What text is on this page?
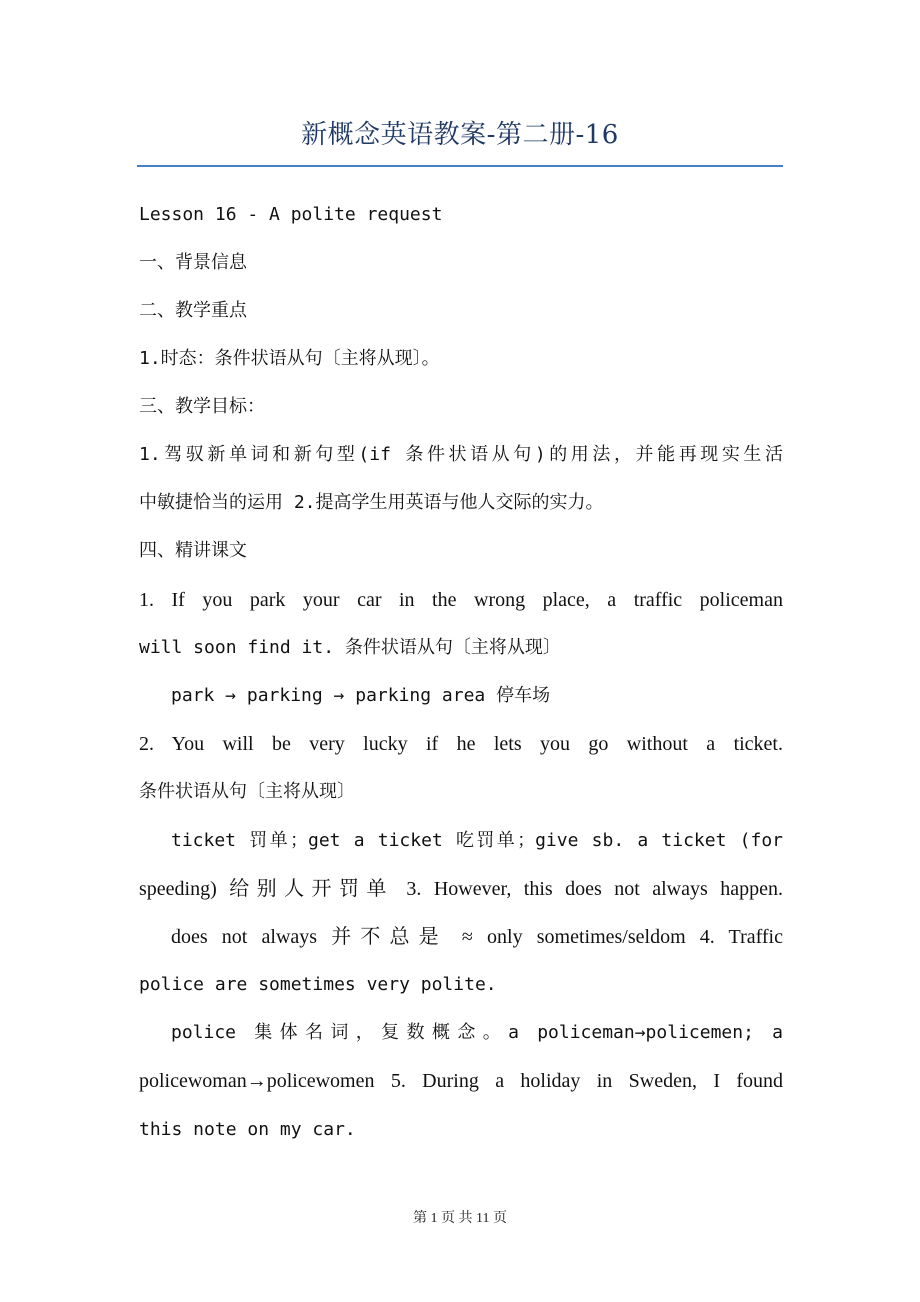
新概念英语教案-第二册-16
Lesson 16 - A polite request
一、背景信息
二、教学重点
1.时态：条件状语从句〔主将从现〕。
三、教学目标：
1.驾驭新单词和新句型(if 条件状语从句)的用法，并能再现实生活
中敏捷恰当的运用 2.提高学生用英语与他人交际的实力。
四、精讲课文
1. If you park your car in the wrong place, a traffic policeman
will soon find it. 条件状语从句〔主将从现〕
park → parking → parking area 停车场
2. You will be very lucky if he lets you go without a ticket.
条件状语从句〔主将从现〕
ticket 罚单；get a ticket 吃罚单；give sb. a ticket (for
speeding) 给别人开罚单 3. However, this does not always happen.
does not always 并不总是 ≈ only sometimes/seldom 4. Traffic
police are sometimes very polite.
police 集体名词，复数概念。a policeman→policemen; a
policewoman→policewomen 5. During a holiday in Sweden, I found
this note on my car.
第 1 页 共 11 页
